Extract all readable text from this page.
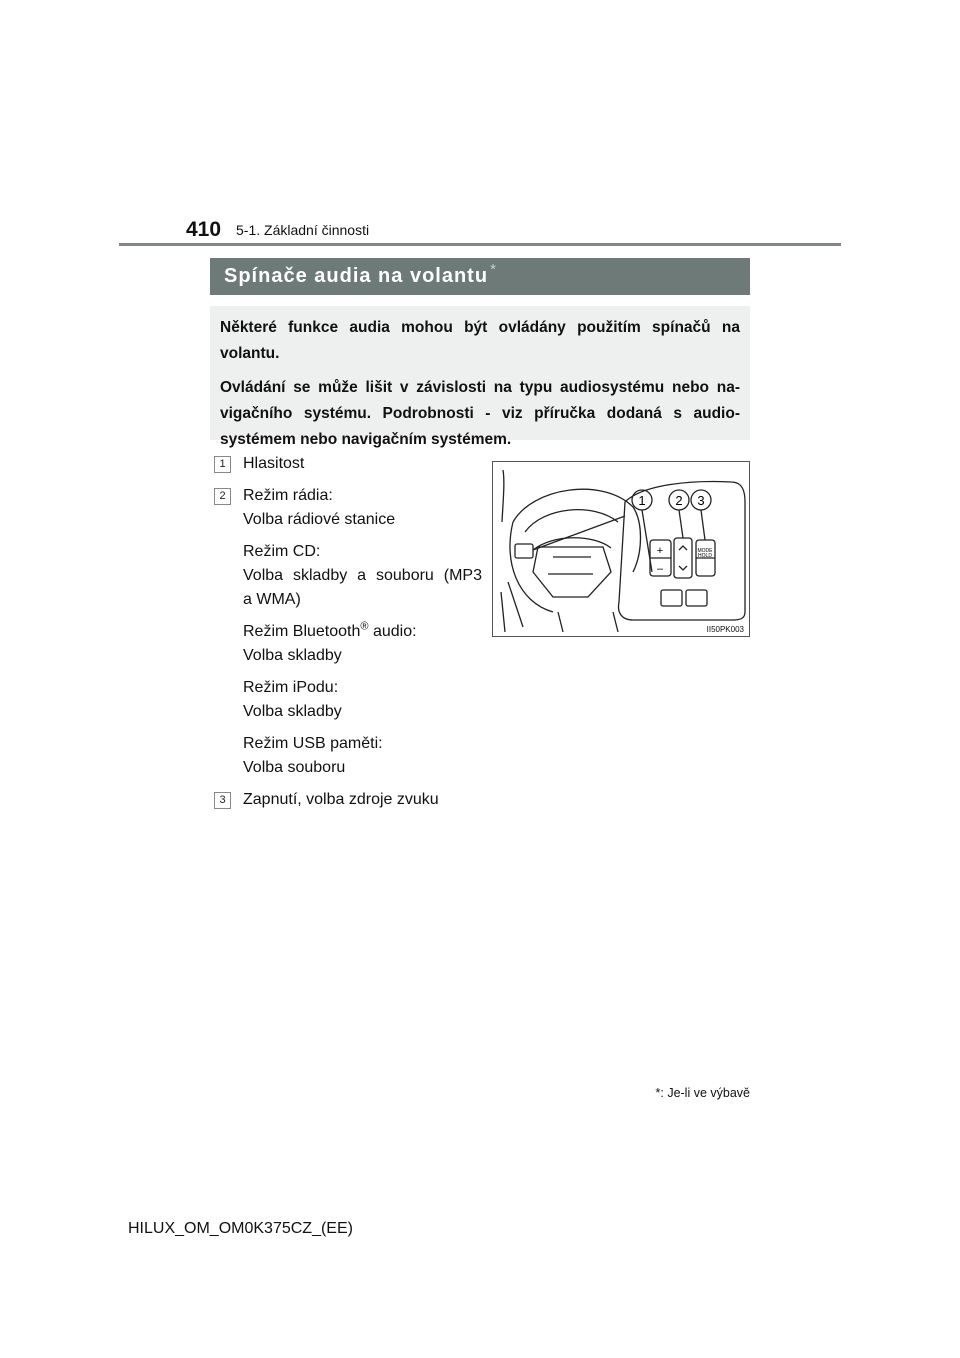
410 5-1. Základní činnosti
Spínače audia na volantu *

Některé funkce audia mohou být ovládány použitím spínačů na volantu.

Ovládání se může lišit v závislosti na typu audiosystému nebo na-vigačního systému. Podrobnosti - viz příručka dodaná s audio-systémem nebo navigačním systémem.

1	Hlasitost
2	Režim rádia:
Volba rádiové stanice
Režim CD:
Volba skladby a souboru (MP3
a WMA)
Režim Bluetooth® audio:
Volba skladby
Režim iPodu:
Volba skladby
Režim USB paměti:
Volba souboru
3	Zapnutí, volba zdroje zvuku
1 2 3
+
–
MODE
HOLD
II50PK003
*: Je-li ve výbavě
HILUX_OM_OM0K375CZ_(EE)
